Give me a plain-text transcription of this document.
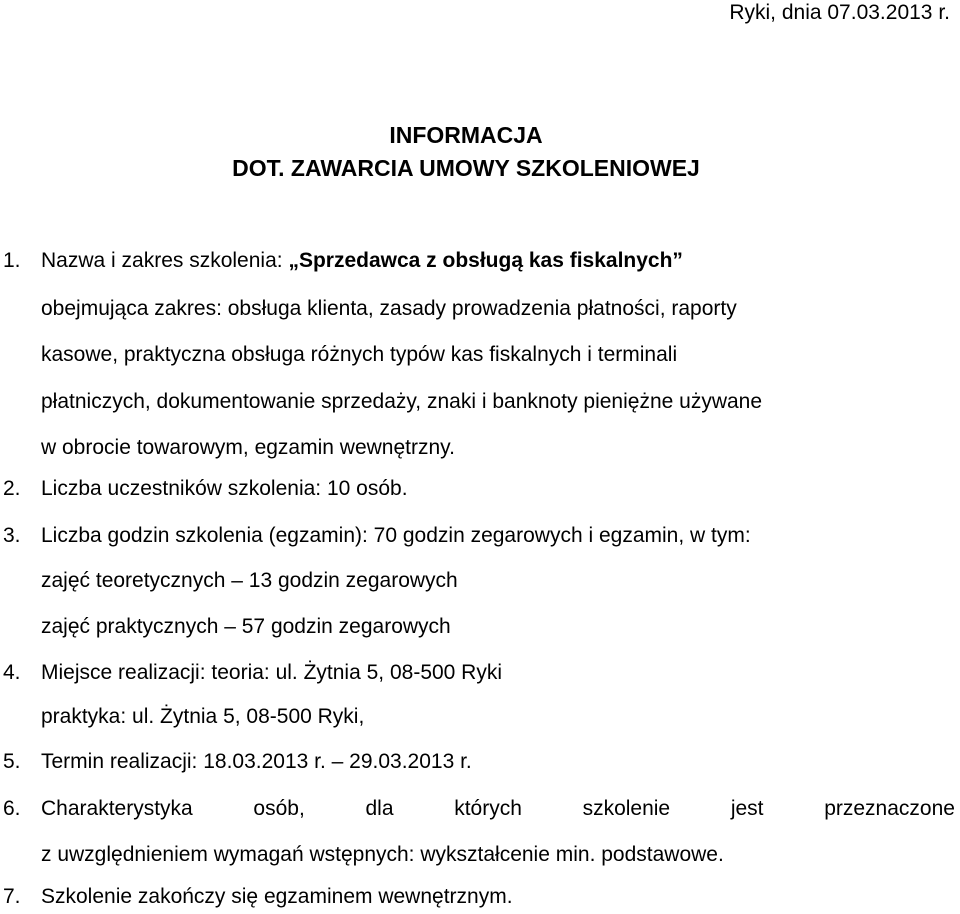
Ryki, dnia 07.03.2013 r.
INFORMACJA
DOT. ZAWARCIA UMOWY SZKOLENIOWEJ
1. Nazwa i zakres szkolenia: „Sprzedawca z obsługą kas fiskalnych”
obejmująca zakres: obsługa klienta, zasady prowadzenia płatności, raporty
kasowe, praktyczna obsługa różnych typów kas fiskalnych i terminali
płatniczych, dokumentowanie sprzedaży, znaki i banknoty pieniężne używane
w obrocie towarowym, egzamin wewnętrzny.
2. Liczba uczestników szkolenia: 10 osób.
3. Liczba godzin szkolenia (egzamin): 70 godzin zegarowych i egzamin, w tym:
zajęć teoretycznych – 13 godzin zegarowych
zajęć praktycznych – 57 godzin zegarowych
4. Miejsce realizacji: teoria: ul. Żytnia 5, 08-500 Ryki
praktyka: ul. Żytnia 5, 08-500 Ryki,
5. Termin realizacji: 18.03.2013 r. – 29.03.2013 r.
6. Charakterystyka	osób,	dla	których	szkolenie	jest	przeznaczone
z uwzględnieniem wymagań wstępnych: wykształcenie min. podstawowe.
7. Szkolenie zakończy się egzaminem wewnętrznym.
